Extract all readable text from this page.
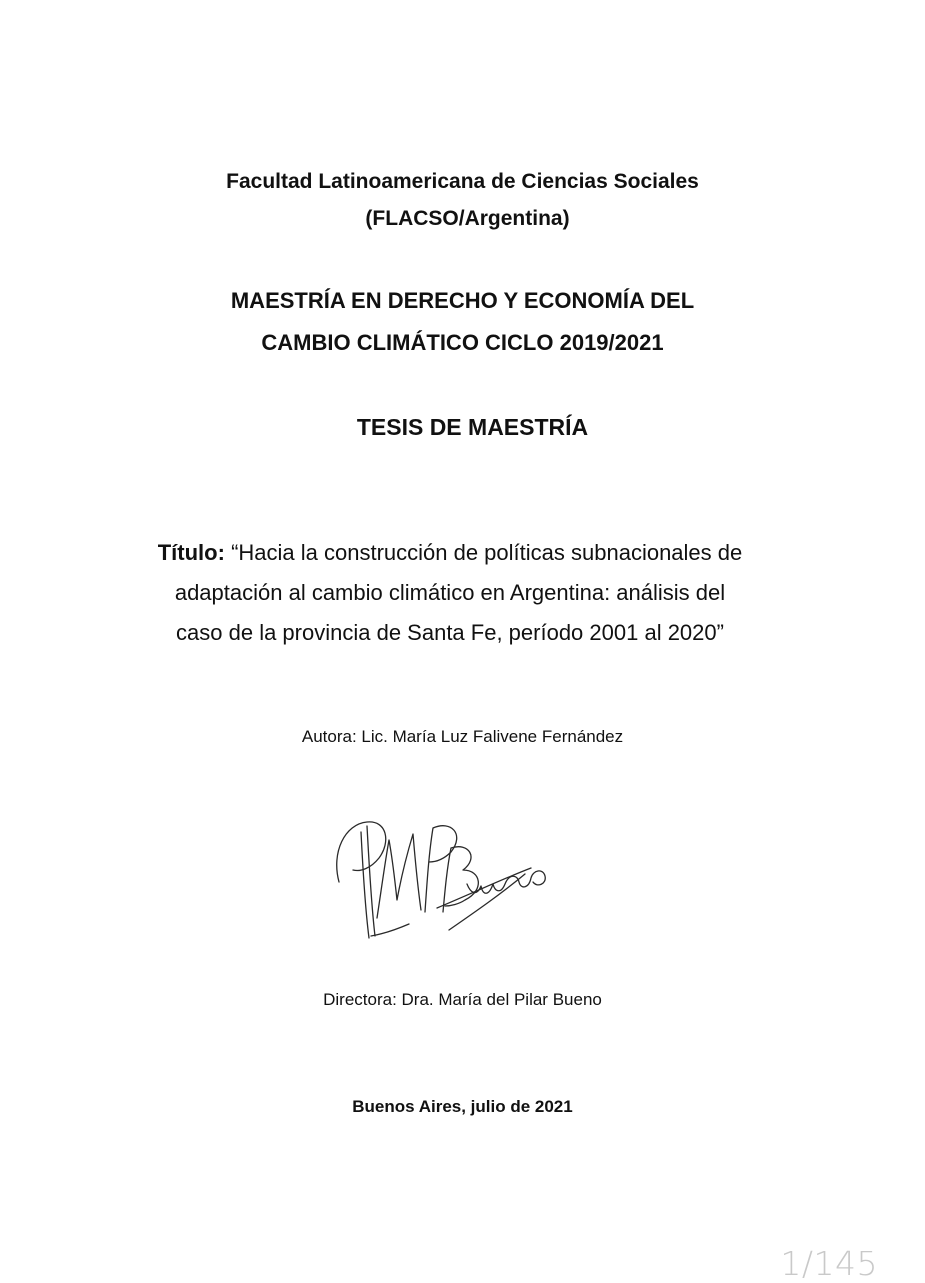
Facultad Latinoamericana de Ciencias Sociales
(FLACSO/Argentina)
MAESTRÍA EN DERECHO Y ECONOMÍA DEL
CAMBIO CLIMÁTICO CICLO 2019/2021
TESIS DE MAESTRÍA
Título: “Hacia la construcción de políticas subnacionales de
adaptación al cambio climático en Argentina: análisis del
caso de la provincia de Santa Fe, período 2001 al 2020”
Autora: Lic. María Luz Falivene Fernández
Directora: Dra. María del Pilar Bueno
Buenos Aires, julio de 2021
1/145
